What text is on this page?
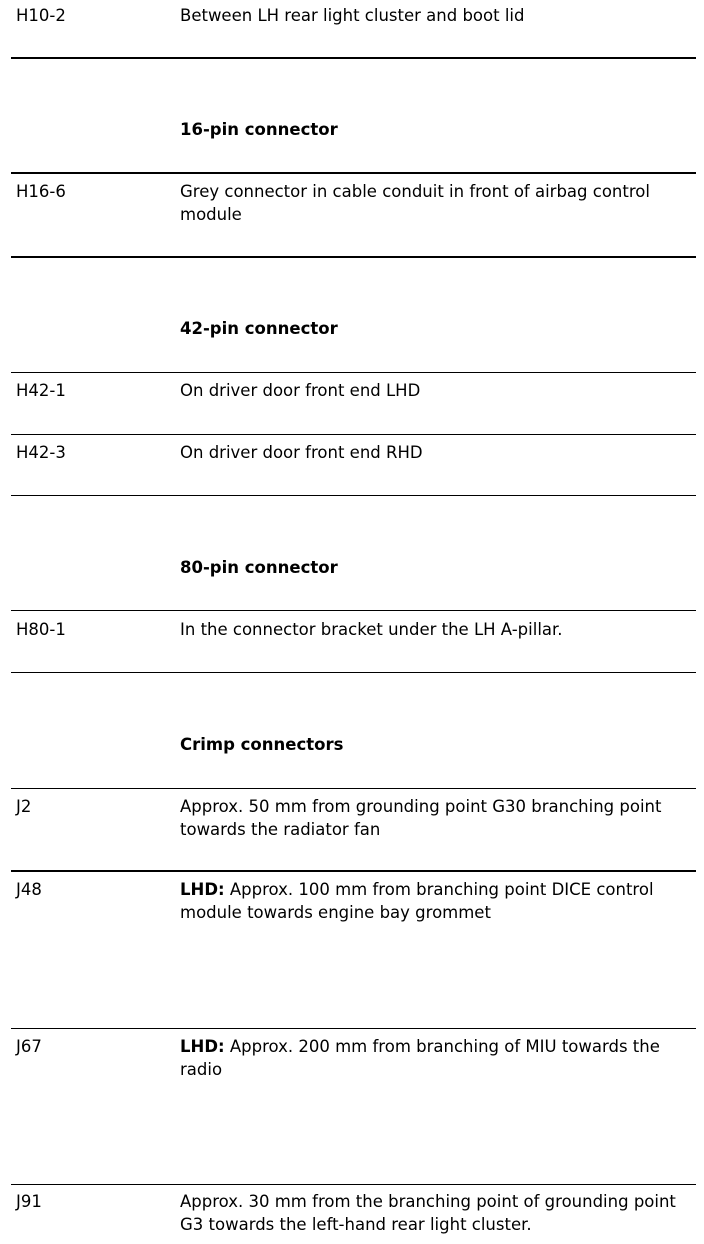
H10-2	Between LH rear light cluster and boot lid
16-pin connector
H16-6	Grey connector in cable conduit in front of airbag control module
42-pin connector
H42-1	On driver door front end LHD
H42-3	On driver door front end RHD
80-pin connector
H80-1	In the connector bracket under the LH A-pillar.
Crimp connectors
J2	Approx. 50 mm from grounding point G30 branching point towards the radiator fan
J48	LHD: Approx. 100 mm from branching point DICE control module towards engine bay grommet
J67	LHD: Approx. 200 mm from branching of MIU towards the radio
J91	Approx. 30 mm from the branching point of grounding point G3 towards the left-hand rear light cluster.
